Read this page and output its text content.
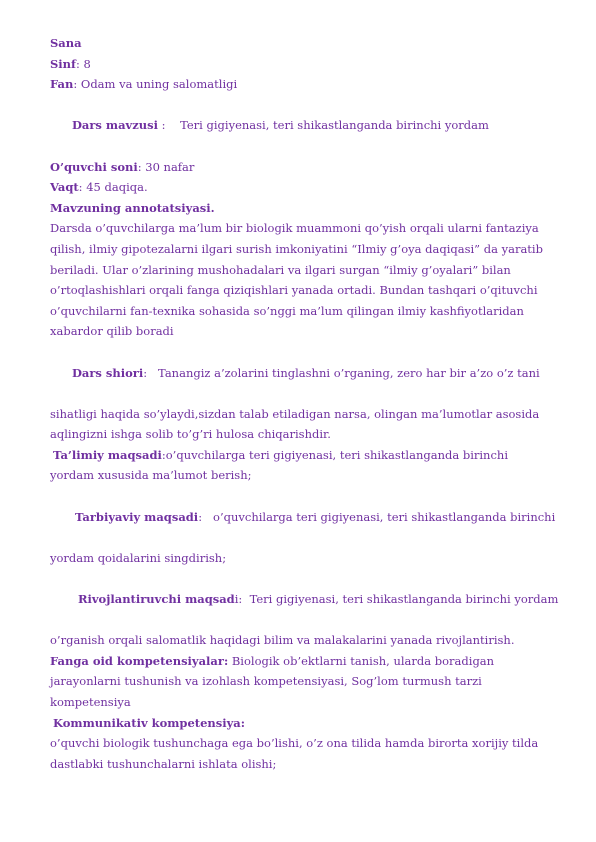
Sana
Sinf: 8
Fan: Odam va uning salomatligi

Dars mavzusi :    Teri gigiyenasi, teri shikastlanganda birinchi yordam

O’quvchi soni: 30 nafar
Vaqt: 45 daqiqa.
Mavzuning annotatsiyasi.
Darsda o’quvchilarga ma’lum bir biologik muammoni qo’yish orqali ularni fantaziya
qilish, ilmiy gipotezalarni ilgari surish imkoniyatini “Ilmiy g’oya daqiqasi” da yaratib
beriladi. Ular o’zlarining mushohadalari va ilgari surgan “ilmiy g’oyalari” bilan
o’rtoqlashishlari orqali fanga qiziqishlari yanada ortadi. Bundan tashqari o’qituvchi
o’quvchilarni fan-texnika sohasida so’nggi ma’lum qilingan ilmiy kashfiyotlaridan
xabardor qilib boradi

Dars shiori:   Tanangiz a’zolarini tinglashni o’rganing, zero har bir a’zo o’z tani

sihatligi haqida so’ylaydi,sizdan talab etiladigan narsa, olingan ma’lumotlar asosida
aqlingizni ishga solib to’g’ri hulosa chiqarishdir.
Ta’limiy maqsadi:o’quvchilarga teri gigiyenasi, teri shikastlanganda birinchi
yordam xususida ma’lumot berish;

Tarbiyaviy maqsadi:   o’quvchilarga teri gigiyenasi, teri shikastlanganda birinchi

yordam qoidalarini singdirish;

Rivojlantiruvchi maqsadi:  Teri gigiyenasi, teri shikastlanganda birinchi yordam

o’rganish orqali salomatlik haqidagi bilim va malakalarini yanada rivojlantirish.
Fanga oid kompetensiyalar: Biologik ob’ektlarni tanish, ularda boradigan
jarayonlarni tushunish va izohlash kompetensiyasi, Sog’lom turmush tarzi
kompetensiya
Kommunikativ kompetensiya:
o’quvchi biologik tushunchaga ega bo’lishi, o’z ona tilida hamda birorta xorijiy tilda
dastlabki tushunchalarni ishlata olishi;
